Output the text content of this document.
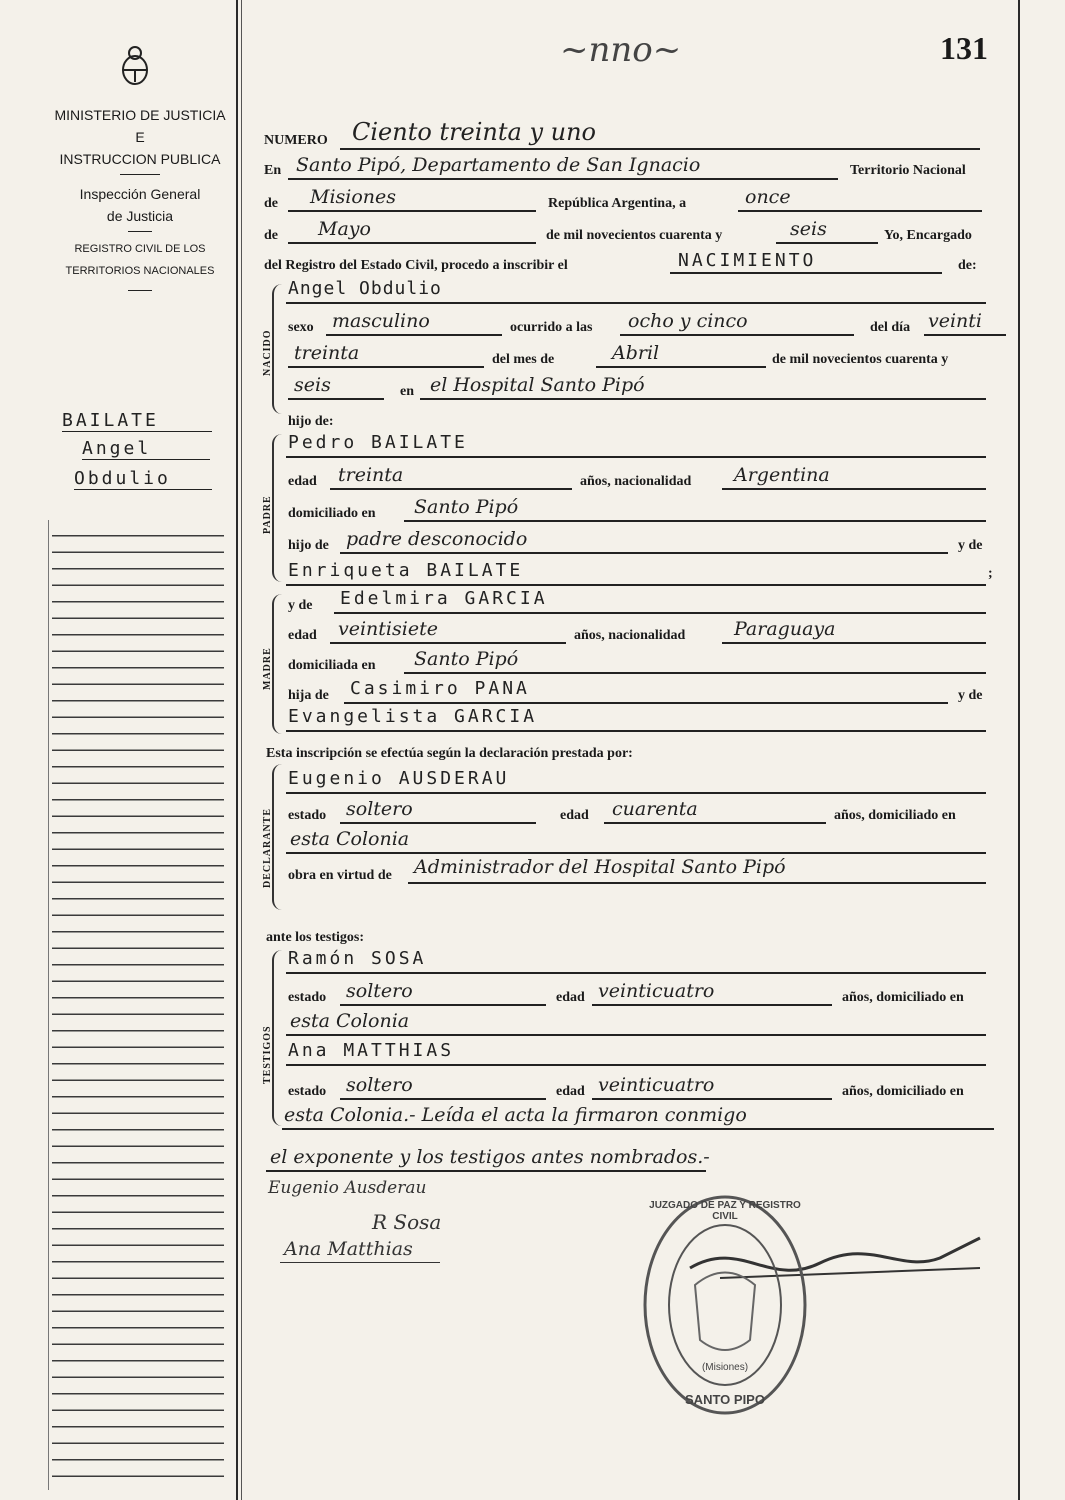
131
~nno~
MINISTERIO DE JUSTICIA
E
INSTRUCCION PUBLICA
Inspección General
de Justicia
REGISTRO CIVIL DE LOS
TERRITORIOS NACIONALES
BAILATE
Angel
Obdulio
NUMERO Ciento treinta y uno
En Santo Pipó, Departamento de San Ignacio	Territorio Nacional
de Misiones	República Argentina, a	once
de Mayo	de mil novecientos cuarenta y	seis	Yo, Encargado
del Registro del Estado Civil, procedo a inscribir el	NACIMIENTO	de:
NACIDO
Angel Obdulio
sexo masculino	ocurrido a las ocho y cinco	del día veinti
treinta	del mes de	Abril	de mil novecientos cuarenta y
seis	en el Hospital Santo Pipó
hijo de:
PADRE
Pedro BAILATE
edad treinta	años, nacionalidad Argentina
domiciliado en Santo Pipó
hijo de padre desconocido	y de
Enriqueta BAILATE	;
y de
MADRE
Edelmira GARCIA
edad veintisiete	años, nacionalidad	Paraguaya
domiciliada en Santo Pipó
hija de Casimiro PANA	y de
Evangelista GARCIA
Esta inscripción se efectúa según la declaración prestada por:
DECLARANTE
Eugenio AUSDERAU
estado soltero	edad cuarenta	años, domiciliado en
esta Colonia
obra en virtud de Administrador del Hospital Santo Pipó
ante los testigos:
TESTIGOS
Ramón SOSA
estado soltero	edad veinticuatro	años, domiciliado en
esta Colonia
Ana MATTHIAS
estado soltero	edad veinticuatro	años, domiciliado en
esta Colonia.- Leída el acta la firmaron conmigo
el exponente y los testigos antes nombrados.-
Eugenio Ausderau
R Sosa
Ana Matthias
JUZGADO DE PAZ Y REGISTRO CIVIL
(Misiones)
SANTO PIPO
